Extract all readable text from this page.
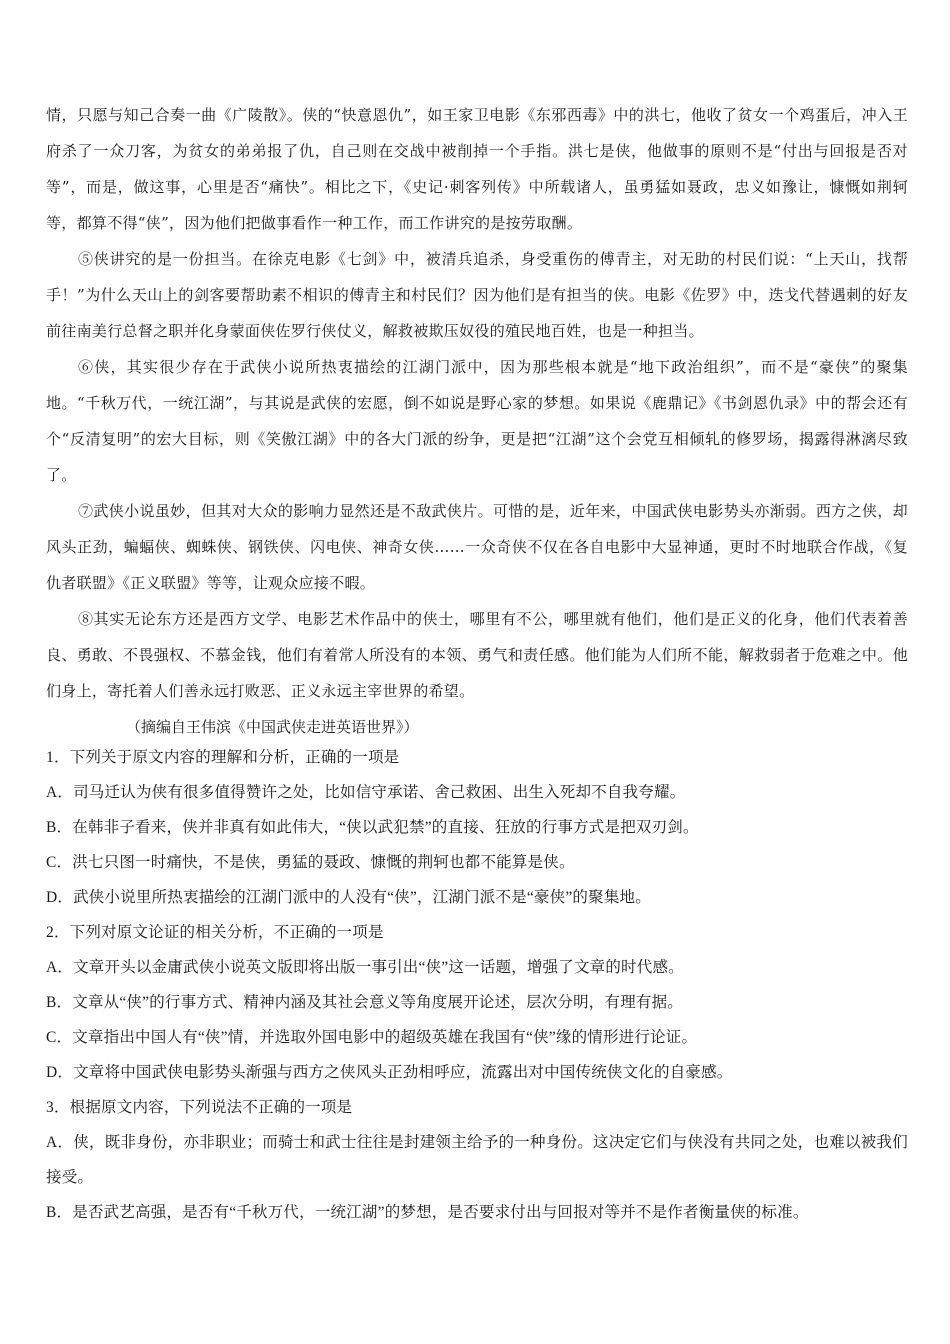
情，只愿与知己合奏一曲《广陵散》。侠的“快意恩仇”，如王家卫电影《东邪西毒》中的洪七，他收了贫女一个鸡蛋后，冲入王府杀了一众刀客，为贫女的弟弟报了仇，自己则在交战中被削掉一个手指。洪七是侠，他做事的原则不是“付出与回报是否对等”，而是，做这事，心里是否“痛快”。相比之下，《史记·刺客列传》中所载诸人，虽勇猛如聂政，忠义如豫让，慷慨如荆轲等，都算不得“侠”，因为他们把做事看作一种工作，而工作讲究的是按劳取酬。

⑤侠讲究的是一份担当。在徐克电影《七剑》中，被清兵追杀，身受重伤的傅青主，对无助的村民们说：“上天山，找帮手！”为什么天山上的剑客要帮助素不相识的傅青主和村民们？因为他们是有担当的侠。电影《佐罗》中，迭戈代替遇刺的好友前往南美行总督之职并化身蒙面侠佐罗行侠仗义，解救被欺压奴役的殖民地百姓，也是一种担当。

⑥侠，其实很少存在于武侠小说所热衷描绘的江湖门派中，因为那些根本就是“地下政治组织”，而不是“豪侠”的聚集地。“千秋万代，一统江湖”，与其说是武侠的宏愿，倒不如说是野心家的梦想。如果说《鹿鼎记》《书剑恩仇录》中的帮会还有个“反清复明”的宏大目标，则《笑傲江湖》中的各大门派的纷争，更是把“江湖”这个会党互相倾轧的修罗场，揭露得淋漓尽致了。

⑦武侠小说虽妙，但其对大众的影响力显然还是不敌武侠片。可惜的是，近年来，中国武侠电影势头亦渐弱。西方之侠，却风头正劲，蝙蝠侠、蜘蛛侠、钢铁侠、闪电侠、神奇女侠……一众奇侠不仅在各自电影中大显神通，更时不时地联合作战，《复仇者联盟》《正义联盟》等等，让观众应接不暇。

⑧其实无论东方还是西方文学、电影艺术作品中的侠士，哪里有不公，哪里就有他们，他们是正义的化身，他们代表着善良、勇敢、不畏强权、不慕金钱，他们有着常人所没有的本领、勇气和责任感。他们能为人们所不能，解救弱者于危难之中。他们身上，寄托着人们善永远打败恶、正义永远主宰世界的希望。

（摘编自王伟滨《中国武侠走进英语世界》）

1．下列关于原文内容的理解和分析，正确的一项是

A．司马迁认为侠有很多值得赞许之处，比如信守承诺、舍己救困、出生入死却不自我夸耀。

B．在韩非子看来，侠并非真有如此伟大，“侠以武犯禁”的直接、狂放的行事方式是把双刃剑。

C．洪七只图一时痛快，不是侠，勇猛的聂政、慷慨的荆轲也都不能算是侠。

D．武侠小说里所热衷描绘的江湖门派中的人没有“侠”，江湖门派不是“豪侠”的聚集地。

2．下列对原文论证的相关分析，不正确的一项是

A．文章开头以金庸武侠小说英文版即将出版一事引出“侠”这一话题，增强了文章的时代感。

B．文章从“侠”的行事方式、精神内涵及其社会意义等角度展开论述，层次分明，有理有据。

C．文章指出中国人有“侠”情，并选取外国电影中的超级英雄在我国有“侠”缘的情形进行论证。

D．文章将中国武侠电影势头渐强与西方之侠风头正劲相呼应，流露出对中国传统侠文化的自豪感。

3．根据原文内容，下列说法不正确的一项是

A．侠，既非身份，亦非职业；而骑士和武士往往是封建领主给予的一种身份。这决定它们与侠没有共同之处，也难以被我们接受。

B．是否武艺高强，是否有“千秋万代，一统江湖”的梦想，是否要求付出与回报对等并不是作者衡量侠的标准。
